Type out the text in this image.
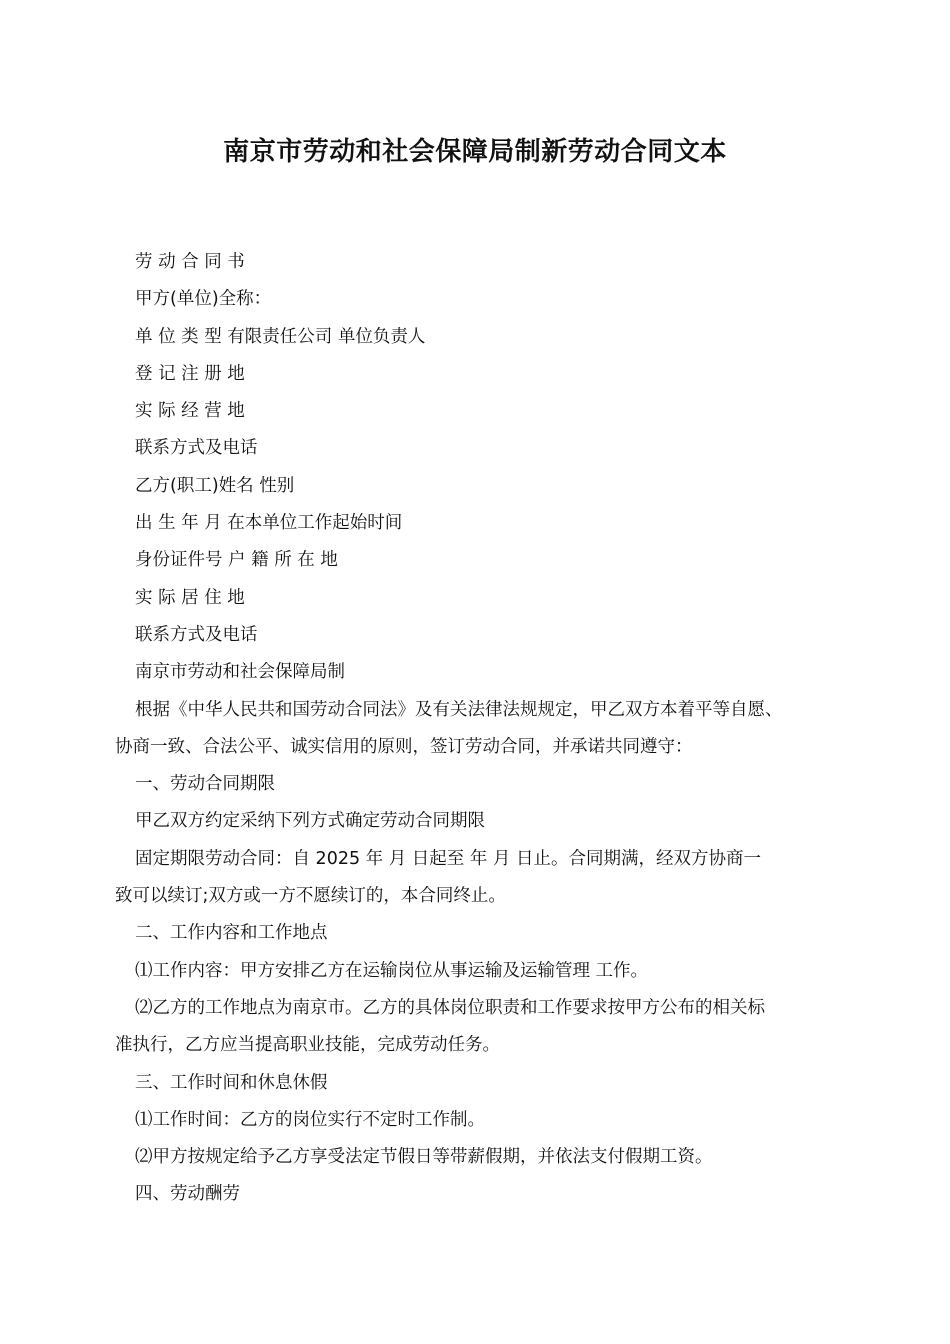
南京市劳动和社会保障局制新劳动合同文本
劳 动 合 同 书
甲方(单位)全称：
单 位 类 型 有限责任公司 单位负责人
登 记 注 册 地
实 际 经 营 地
联系方式及电话
乙方(职工)姓名 性别
出 生 年 月 在本单位工作起始时间
身份证件号 户 籍 所 在 地
实 际 居 住 地
联系方式及电话
南京市劳动和社会保障局制
根据《中华人民共和国劳动合同法》及有关法律法规规定，甲乙双方本着平等自愿、
协商一致、合法公平、诚实信用的原则，签订劳动合同，并承诺共同遵守：
一、劳动合同期限
甲乙双方约定采纳下列方式确定劳动合同期限
固定期限劳动合同：自 2025 年 月 日起至 年 月 日止。合同期满，经双方协商一
致可以续订;双方或一方不愿续订的，本合同终止。
二、工作内容和工作地点
⑴工作内容：甲方安排乙方在运输岗位从事运输及运输管理 工作。
⑵乙方的工作地点为南京市。乙方的具体岗位职责和工作要求按甲方公布的相关标
准执行，乙方应当提高职业技能，完成劳动任务。
三、工作时间和休息休假
⑴工作时间：乙方的岗位实行不定时工作制。
⑵甲方按规定给予乙方享受法定节假日等带薪假期，并依法支付假期工资。
四、劳动酬劳
